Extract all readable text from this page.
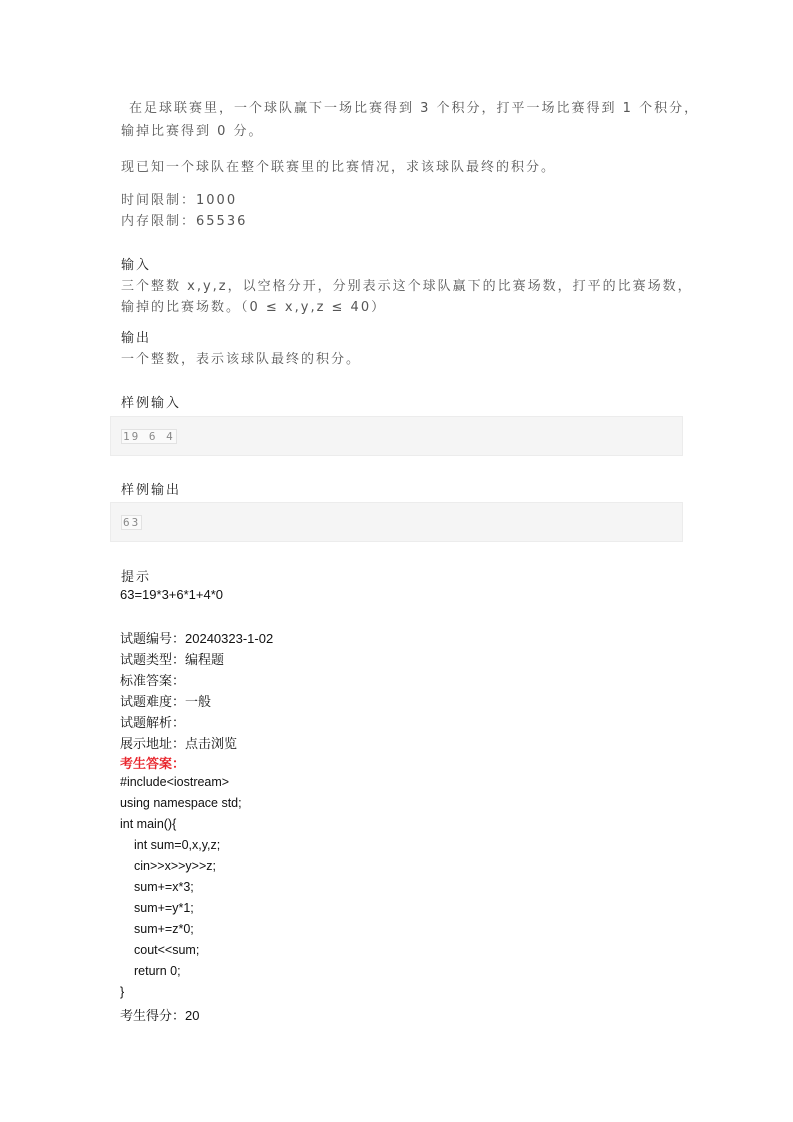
在足球联赛里，一个球队赢下一场比赛得到 3 个积分，打平一场比赛得到 1 个积分，
输掉比赛得到 0 分。
现已知一个球队在整个联赛里的比赛情况，求该球队最终的积分。
时间限制：1000
内存限制：65536
输入
三个整数 x,y,z，以空格分开，分别表示这个球队赢下的比赛场数，打平的比赛场数，
输掉的比赛场数。（0 ≤ x,y,z ≤ 40）
输出
一个整数，表示该球队最终的积分。
样例输入
19 6 4
样例输出
63
提示
63=19*3+6*1+4*0
试题编号：20240323-1-02
试题类型：编程题
标准答案：
试题难度：一般
试题解析：
展示地址：点击浏览
考生答案：
#include<iostream>
using namespace std;
int main(){
int sum=0,x,y,z;
cin>>x>>y>>z;
sum+=x*3;
sum+=y*1;
sum+=z*0;
cout<<sum;
return 0;
}
考生得分：20
